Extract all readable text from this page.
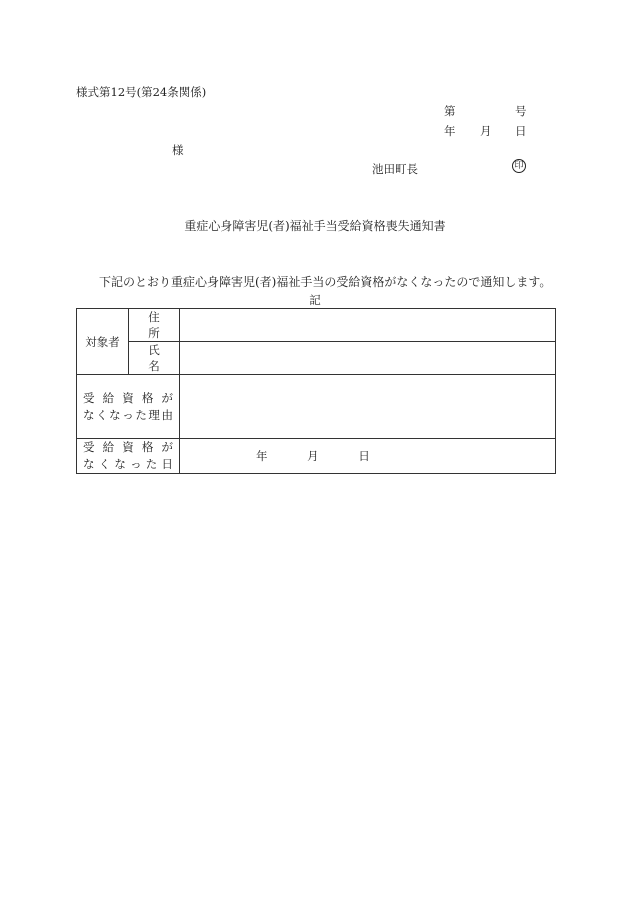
様式第12号(第24条関係)
第	号
年 月 日
様
池田町長	印
重症心身障害児(者)福祉手当受給資格喪失通知書
下記のとおり重症心身障害児(者)福祉手当の受給資格がなくなったので通知します。
記
対象者	住所	
	氏名	

受給資格が
なくなった理由		

受給資格が
なくなった日		年 月 日
